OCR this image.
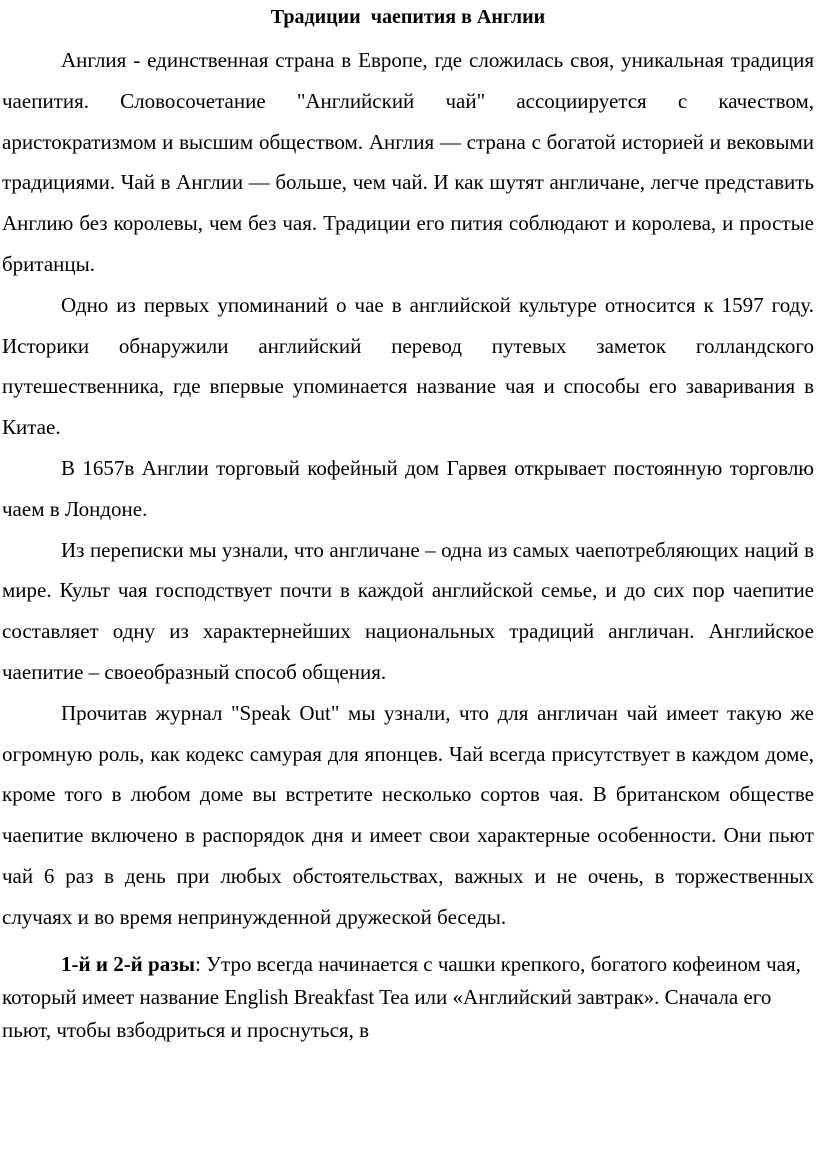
Традиции  чаепития в Англии

Англия - единственная страна в Европе, где сложилась своя, уникальная традиция чаепития. Словосочетание "Английский чай" ассоциируется с качеством, аристократизмом и высшим обществом. Англия — страна с богатой историей и вековыми традициями. Чай в Англии — больше, чем чай. И как шутят англичане, легче представить Англию без королевы, чем без чая. Традиции его пития соблюдают и королева, и простые британцы.

Одно из первых упоминаний о чае в английской культуре относится к 1597 году. Историки обнаружили английский перевод путевых заметок голландского путешественника, где впервые упоминается название чая и способы его заваривания в Китае.

В 1657в Англии торговый кофейный дом Гарвея открывает постоянную торговлю чаем в Лондоне.

Из переписки мы узнали, что англичане – одна из самых чаепотребляющих наций в мире. Культ чая господствует почти в каждой английской семье, и до сих пор чаепитие составляет одну из характернейших национальных традиций англичан. Английское чаепитие – своеобразный способ общения.

Прочитав журнал "Speak Out" мы узнали, что для англичан чай имеет такую же огромную роль, как кодекс самурая для японцев. Чай всегда присутствует в каждом доме, кроме того в любом доме вы встретите несколько сортов чая. В британском обществе чаепитие включено в распорядок дня и имеет свои характерные особенности. Они пьют чай 6 раз в день при любых обстоятельствах, важных и не очень, в торжественных случаях и во время непринужденной дружеской беседы.

1-й и 2-й разы: Утро всегда начинается с чашки крепкого, богатого кофеином чая, который имеет название English Breakfast Tea или «Английский завтрак». Сначала его пьют, чтобы взбодриться и проснуться, в
